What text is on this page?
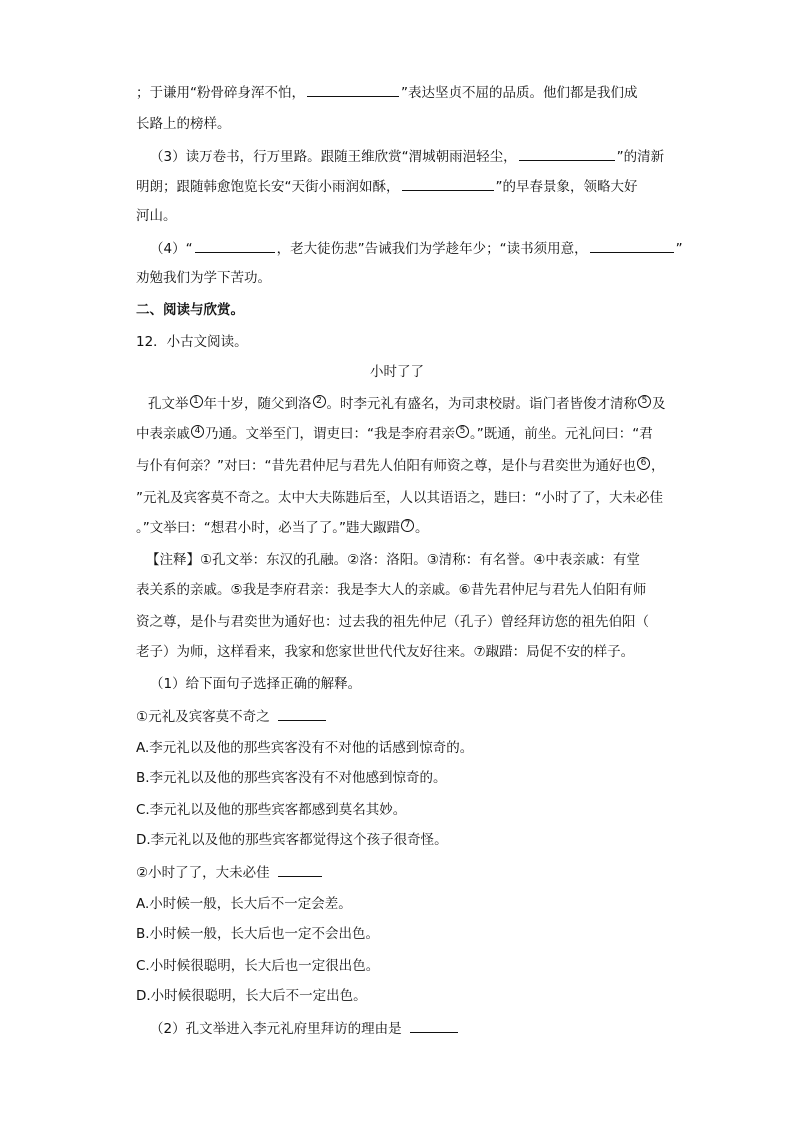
；于谦用“粉骨碎身浑不怕，	”表达坚贞不屈的品质。他们都是我们成
长路上的榜样。
（3）读万卷书，行万里路。跟随王维欣赏“渭城朝雨浥轻尘，	”的清新
明朗；跟随韩愈饱览长安“天街小雨润如酥，	”的早春景象，领略大好
河山。
（4）“	，老大徒伤悲”告诫我们为学趁年少；“读书须用意，	”
劝勉我们为学下苦功。
二、阅读与欣赏。
12．小古文阅读。
小时了了
孔文举 $^1$ 年十岁，随父到洛 $^2$ 。时李元礼有盛名，为司隶校尉。诣门者皆俊才清称 $^5$ 及
中表亲戚 $^4$ 乃通。文举至门，谓吏曰：“我是李府君亲 $^5$ 。”既通，前坐。元礼问曰：“君
与仆有何亲？”对曰：“昔先君仲尼与君先人伯阳有师资之尊，是仆与君奕世为通好也 $^6$ ，
”元礼及宾客莫不奇之。太中大夫陈韪后至，人以其语语之，韪曰：“小时了了，大未必佳
。”文举曰：“想君小时，必当了了。”韪大踧踖 $^7$ 。
【注释】①孔文举：东汉的孔融。②洛：洛阳。③清称：有名誉。④中表亲戚：有堂
表关系的亲戚。⑤我是李府君亲：我是李大人的亲戚。⑥昔先君仲尼与君先人伯阳有师
资之尊，是仆与君奕世为通好也：过去我的祖先仲尼（孔子）曾经拜访您的祖先伯阳（
老子）为师，这样看来，我家和您家世世代代友好往来。⑦踧踖：局促不安的样子。
（1）给下面句子选择正确的解释。
①元礼及宾客莫不奇之
A.李元礼以及他的那些宾客没有不对他的话感到惊奇的。
B.李元礼以及他的那些宾客没有不对他感到惊奇的。
C.李元礼以及他的那些宾客都感到莫名其妙。
D.李元礼以及他的那些宾客都觉得这个孩子很奇怪。
②小时了了，大未必佳
A.小时候一般，长大后不一定会差。
B.小时候一般，长大后也一定不会出色。
C.小时候很聪明，长大后也一定很出色。
D.小时候很聪明，长大后不一定出色。
（2）孔文举进入李元礼府里拜访的理由是
